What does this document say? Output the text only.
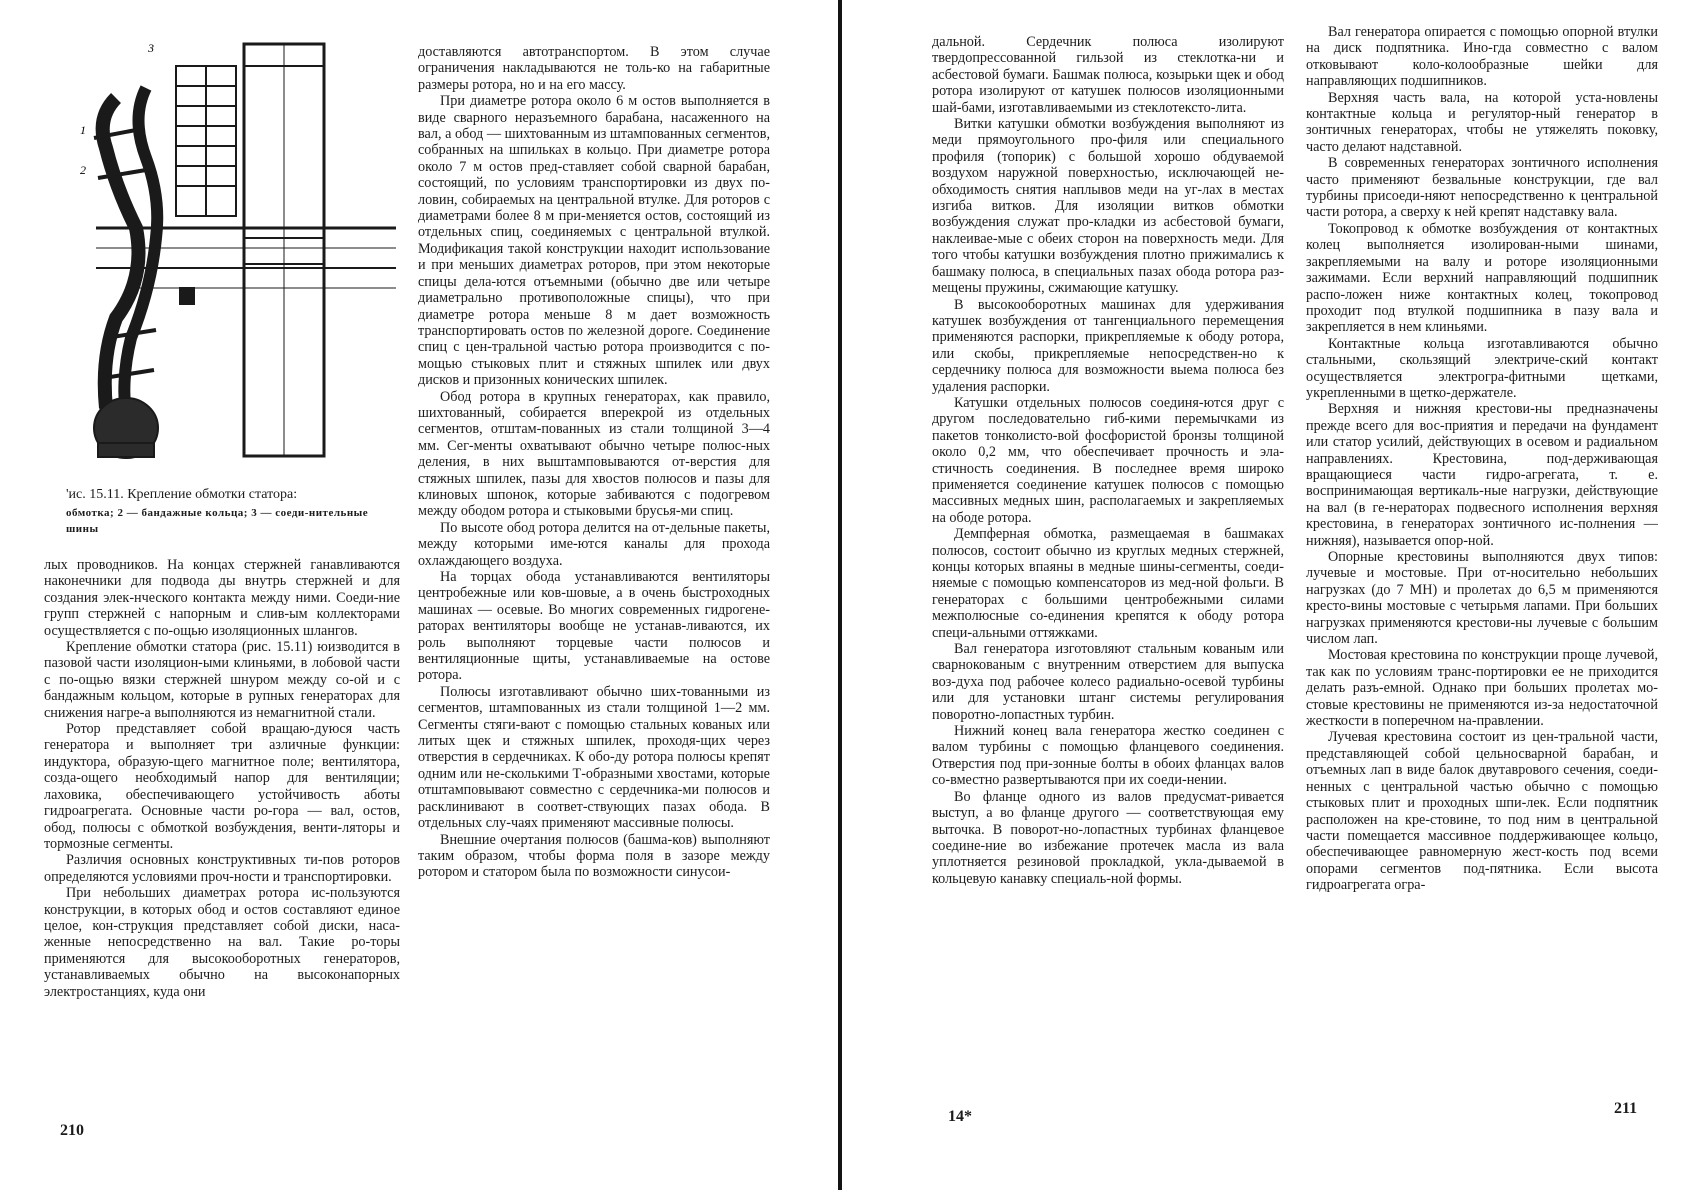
3
1
2
'ис. 15.11. Крепление обмотки статора:
обмотка; 2 — бандажные кольца; 3 — соеди-нительные шины

лых проводников. На концах стержней ганавливаются наконечники для подвода ды внутрь стержней и для создания элек-нческого контакта между ними. Соеди-ние групп стержней с напорным и слив-ым коллекторами осуществляется с по-ощью изоляционных шлангов.

Крепление обмотки статора (рис. 15.11) юизводится в пазовой части изоляцион-ыми клиньями, в лобовой части с по-ощью вязки стержней шнуром между со-ой и с бандажным кольцом, которые в рупных генераторах для снижения нагре-а выполняются из немагнитной стали.

Ротор представляет собой вращаю-дуюся часть генератора и выполняет три азличные функции: индуктора, образую-щего магнитное поле; вентилятора, созда-ощего необходимый напор для вентиляции; лаховика, обеспечивающего устойчивость аботы гидроагрегата. Основные части ро-гора — вал, остов, обод, полюсы с обмоткой возбуждения, венти-ляторы и тормозные сегменты.

Различия основных конструктивных ти-пов роторов определяются условиями проч-ности и транспортировки.

При небольших диаметрах ротора ис-пользуются конструкции, в которых обод и остов составляют единое целое, кон-струкция представляет собой диски, наса-женные непосредственно на вал. Такие ро-торы применяются для высокооборотных генераторов, устанавливаемых обычно на высоконапорных электростанциях, куда они

доставляются автотранспортом. В этом случае ограничения накладываются не толь-ко на габаритные размеры ротора, но и на его массу.

При диаметре ротора около 6 м остов выполняется в виде сварного неразъемного барабана, насаженного на вал, а обод — шихтованным из штампованных сегментов, собранных на шпильках в кольцо. При диаметре ротора около 7 м остов пред-ставляет собой сварной барабан, состоящий, по условиям транспортировки из двух по-ловин, собираемых на центральной втулке. Для роторов с диаметрами более 8 м при-меняется остов, состоящий из отдельных спиц, соединяемых с центральной втулкой. Модификация такой конструкции находит использование и при меньших диаметрах роторов, при этом некоторые спицы дела-ются отъемными (обычно две или четыре диаметрально противоположные спицы), что при диаметре ротора меньше 8 м дает возможность транспортировать остов по железной дороге. Соединение спиц с цен-тральной частью ротора производится с по-мощью стыковых плит и стяжных шпилек или двух дисков и призонных конических шпилек.

Обод ротора в крупных генераторах, как правило, шихтованный, собирается вперекрой из отдельных сегментов, отштам-пованных из стали толщиной 3—4 мм. Сег-менты охватывают обычно четыре полюс-ных деления, в них выштамповываются от-верстия для стяжных шпилек, пазы для хвостов полюсов и пазы для клиновых шпонок, которые забиваются с подогревом между ободом ротора и стыковыми брусья-ми спиц.

По высоте обод ротора делится на от-дельные пакеты, между которыми име-ются каналы для прохода охлаждающего воздуха.

На торцах обода устанавливаются вентиляторы центробежные или ков-шовые, а в очень быстроходных машинах — осевые. Во многих современных гидрогене-раторах вентиляторы вообще не устанав-ливаются, их роль выполняют торцевые части полюсов и вентиляционные щиты, устанавливаемые на остове ротора.

Полюсы изготавливают обычно ших-тованными из сегментов, штампованных из стали толщиной 1—2 мм. Сегменты стяги-вают с помощью стальных кованых или литых щек и стяжных шпилек, проходя-щих через отверстия в сердечниках. К обо-ду ротора полюсы крепят одним или не-сколькими Т-образными хвостами, которые отштамповывают совместно с сердечника-ми полюсов и расклинивают в соответ-ствующих пазах обода. В отдельных слу-чаях применяют массивные полюсы.

Внешние очертания полюсов (башма-ков) выполняют таким образом, чтобы форма поля в зазоре между ротором и статором была по возможности синусои-

210

дальной. Сердечник полюса изолируют твердопрессованной гильзой из стеклотка-ни и асбестовой бумаги. Башмак полюса, козырьки щек и обод ротора изолируют от катушек полюсов изоляционными шай-бами, изготавливаемыми из стеклотексто-лита.

Витки катушки обмотки возбуждения выполняют из меди прямоугольного про-филя или специального профиля (топорик) с большой хорошо обдуваемой воздухом наружной поверхностью, исключающей не-обходимость снятия наплывов меди на уг-лах в местах изгиба витков. Для изоляции витков обмотки возбуждения служат про-кладки из асбестовой бумаги, наклеивае-мые с обеих сторон на поверхность меди. Для того чтобы катушки возбуждения плотно прижимались к башмаку полюса, в специальных пазах обода ротора раз-мещены пружины, сжимающие катушку.

В высокооборотных машинах для удерживания катушек возбуждения от тангенциального перемещения применяются распорки, прикрепляемые к ободу ротора, или скобы, прикрепляемые непосредствен-но к сердечнику полюса для возможности выема полюса без удаления распорки.

Катушки отдельных полюсов соединя-ются друг с другом последовательно гиб-кими перемычками из пакетов тонколисто-вой фосфористой бронзы толщиной около 0,2 мм, что обеспечивает прочность и эла-стичность соединения. В последнее время широко применяется соединение катушек полюсов с помощью массивных медных шин, располагаемых и закрепляемых на ободе ротора.

Демпферная обмотка, размещаемая в башмаках полюсов, состоит обычно из круглых медных стержней, концы которых впаяны в медные шины-сегменты, соеди-няемые с помощью компенсаторов из мед-ной фольги. В генераторах с большими центробежными силами межполюсные со-единения крепятся к ободу ротора специ-альными оттяжками.

Вал генератора изготовляют стальным кованым или сварнокованым с внутренним отверстием для выпуска воз-духа под рабочее колесо радиально-осевой турбины или для установки штанг системы регулирования поворотно-лопастных турбин.

Нижний конец вала генератора жестко соединен с валом турбины с помощью фланцевого соединения. Отверстия под при-зонные болты в обоих фланцах валов со-вместно развертываются при их соеди-нении.

Во фланце одного из валов предусмат-ривается выступ, а во фланце другого — соответствующая ему выточка. В поворот-но-лопастных турбинах фланцевое соедине-ние во избежание протечек масла из вала уплотняется резиновой прокладкой, укла-дываемой в кольцевую канавку специаль-ной формы.

Вал генератора опирается с помощью опорной втулки на диск подпятника. Ино-гда совместно с валом отковывают коло-колообразные шейки для направляющих подшипников.

Верхняя часть вала, на которой уста-новлены контактные кольца и регулятор-ный генератор в зонтичных генераторах, чтобы не утяжелять поковку, часто делают надставной.

В современных генераторах зонтичного исполнения часто применяют безвальные конструкции, где вал турбины присоеди-няют непосредственно к центральной части ротора, а сверху к ней крепят надставку вала.

Токопровод к обмотке возбуждения от контактных колец выполняется изолирован-ными шинами, закрепляемыми на валу и роторе изоляционными зажимами. Если верхний направляющий подшипник распо-ложен ниже контактных колец, токопровод проходит под втулкой подшипника в пазу вала и закрепляется в нем клиньями.

Контактные кольца изготавливаются обычно стальными, скользящий электриче-ский контакт осуществляется электрогра-фитными щетками, укрепленными в щетко-держателе.

Верхняя и нижняя крестови-ны предназначены прежде всего для вос-приятия и передачи на фундамент или статор усилий, действующих в осевом и радиальном направлениях. Крестовина, под-держивающая вращающиеся части гидро-агрегата, т. е. воспринимающая вертикаль-ные нагрузки, действующие на вал (в ге-нераторах подвесного исполнения верхняя крестовина, в генераторах зонтичного ис-полнения — нижняя), называется опор-ной.

Опорные крестовины выполняются двух типов: лучевые и мостовые. При от-носительно небольших нагрузках (до 7 МН) и пролетах до 6,5 м применяются кресто-вины мостовые с четырьмя лапами. При больших нагрузках применяются крестови-ны лучевые с большим числом лап.

Мостовая крестовина по конструкции проще лучевой, так как по условиям транс-портировки ее не приходится делать разъ-емной. Однако при больших пролетах мо-стовые крестовины не применяются из-за недостаточной жесткости в поперечном на-правлении.

Лучевая крестовина состоит из цен-тральной части, представляющей собой цельносварной барабан, и отъемных лап в виде балок двутаврового сечения, соеди-ненных с центральной частью обычно с помощью стыковых плит и проходных шпи-лек. Если подпятник расположен на кре-стовине, то под ним в центральной части помещается массивное поддерживающее кольцо, обеспечивающее равномерную жест-кость под всеми опорами сегментов под-пятника. Если высота гидроагрегата огра-

14*	211
